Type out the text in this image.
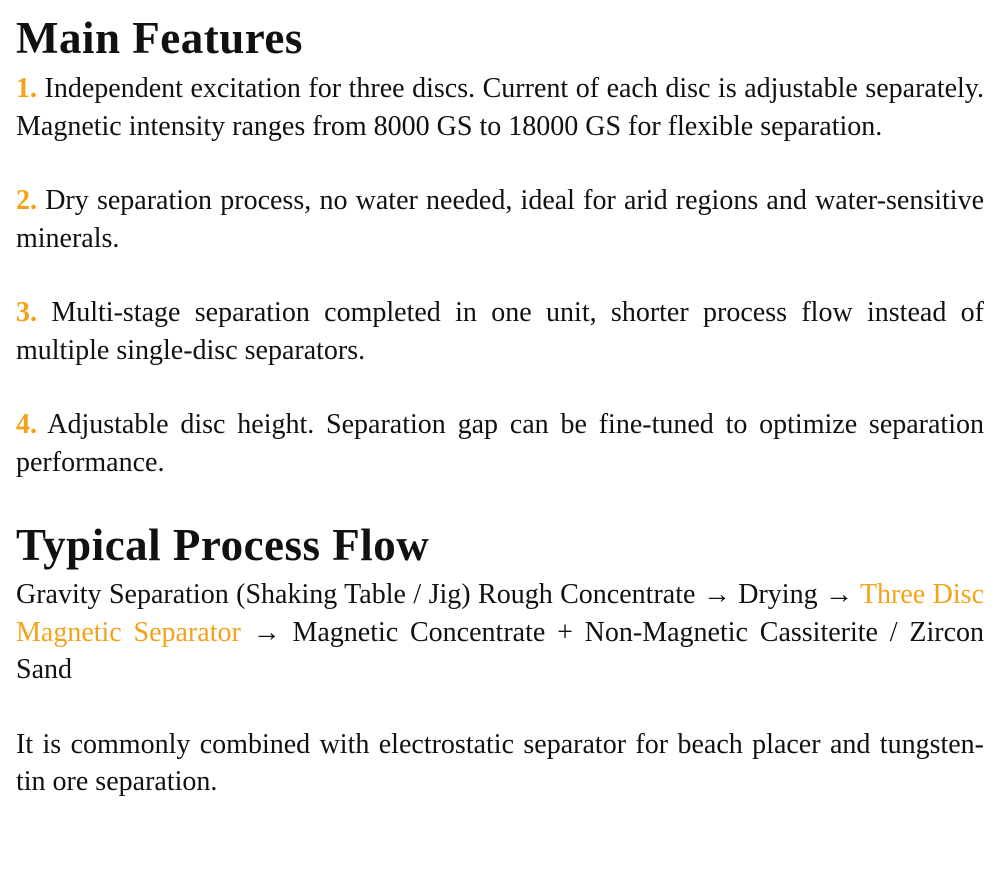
Main Features

1. Independent excitation for three discs. Current of each disc is adjustable separately. Magnetic intensity ranges from 8000 GS to 18000 GS for flexible separation.

2. Dry separation process, no water needed, ideal for arid regions and water-sensitive minerals.

3. Multi-stage separation completed in one unit, shorter process flow instead of multiple single-disc separators.

4. Adjustable disc height. Separation gap can be fine-tuned to optimize separation performance.

Typical Process Flow

Gravity Separation (Shaking Table / Jig) Rough Concentrate → Drying → Three Disc Magnetic Separator → Magnetic Concentrate + Non-Magnetic Cassiterite / Zircon Sand

It is commonly combined with electrostatic separator for beach placer and tungsten-tin ore separation.
